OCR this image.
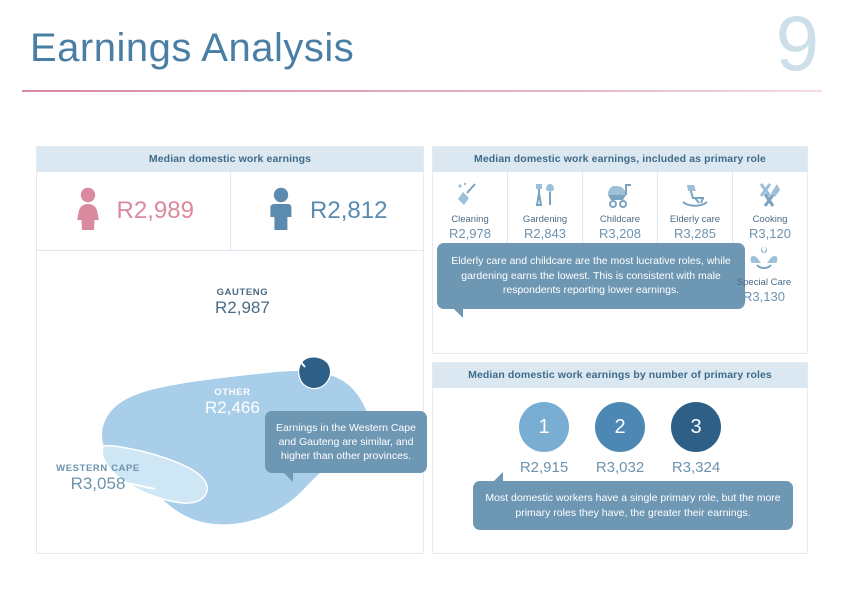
Earnings Analysis	9
Median domestic work earnings
R2,989	R2,812
GAUTENG
R2,987
OTHER
R2,466
WESTERN CAPE
R3,058
Earnings in the Western Cape and Gauteng are similar, and higher than other provinces.
Median domestic work earnings, included as primary role
Cleaning
R2,978
Gardening
R2,843
Childcare
R3,208
Elderly care
R3,285
Cooking
R3,120
Elderly care and childcare are the most lucrative roles, while gardening earns the lowest. This is consistent with male respondents reporting lower earnings.
Special Care
R3,130
Median domestic work earnings by number of primary roles
1
R2,915
2
R3,032
3
R3,324
Most domestic workers have a single primary role, but the more primary roles they have, the greater their earnings.
